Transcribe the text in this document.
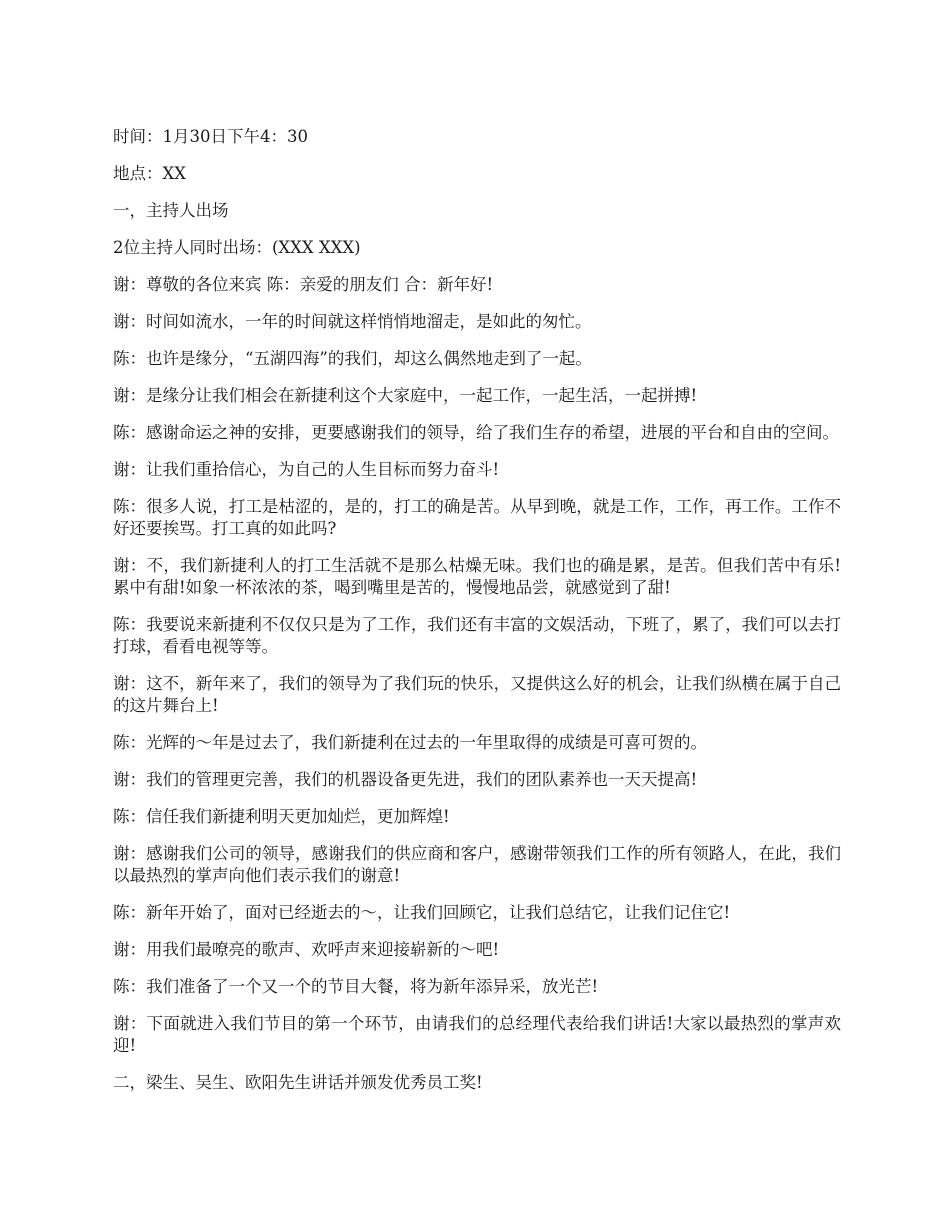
时间：1月30日下午4：30

地点：XX

一，主持人出场

2位主持人同时出场：(XXX XXX)

谢：尊敬的各位来宾 陈：亲爱的朋友们 合：新年好!

谢：时间如流水，一年的时间就这样悄悄地溜走，是如此的匆忙。

陈：也许是缘分，“五湖四海”的我们，却这么偶然地走到了一起。

谢：是缘分让我们相会在新捷利这个大家庭中，一起工作，一起生活，一起拼搏!

陈：感谢命运之神的安排，更要感谢我们的领导，给了我们生存的希望，进展的平台和自由的空间。

谢：让我们重拾信心，为自己的人生目标而努力奋斗!

陈：很多人说，打工是枯涩的，是的，打工的确是苦。从早到晚，就是工作，工作，再工作。工作不好还要挨骂。打工真的如此吗?

谢：不，我们新捷利人的打工生活就不是那么枯燥无味。我们也的确是累，是苦。但我们苦中有乐!累中有甜!如象一杯浓浓的茶，喝到嘴里是苦的，慢慢地品尝，就感觉到了甜!

陈：我要说来新捷利不仅仅只是为了工作，我们还有丰富的文娱活动，下班了，累了，我们可以去打打球，看看电视等等。

谢：这不，新年来了，我们的领导为了我们玩的快乐，又提供这么好的机会，让我们纵横在属于自己的这片舞台上!

陈：光辉的～年是过去了，我们新捷利在过去的一年里取得的成绩是可喜可贺的。

谢：我们的管理更完善，我们的机器设备更先进，我们的团队素养也一天天提高!

陈：信任我们新捷利明天更加灿烂，更加辉煌!

谢：感谢我们公司的领导，感谢我们的供应商和客户，感谢带领我们工作的所有领路人，在此，我们以最热烈的掌声向他们表示我们的谢意!

陈：新年开始了，面对已经逝去的～，让我们回顾它，让我们总结它，让我们记住它!

谢：用我们最嘹亮的歌声、欢呼声来迎接崭新的～吧!

陈：我们准备了一个又一个的节目大餐，将为新年添异采，放光芒!

谢：下面就进入我们节目的第一个环节，由请我们的总经理代表给我们讲话!大家以最热烈的掌声欢迎!

二，梁生、吴生、欧阳先生讲话并颁发优秀员工奖!
